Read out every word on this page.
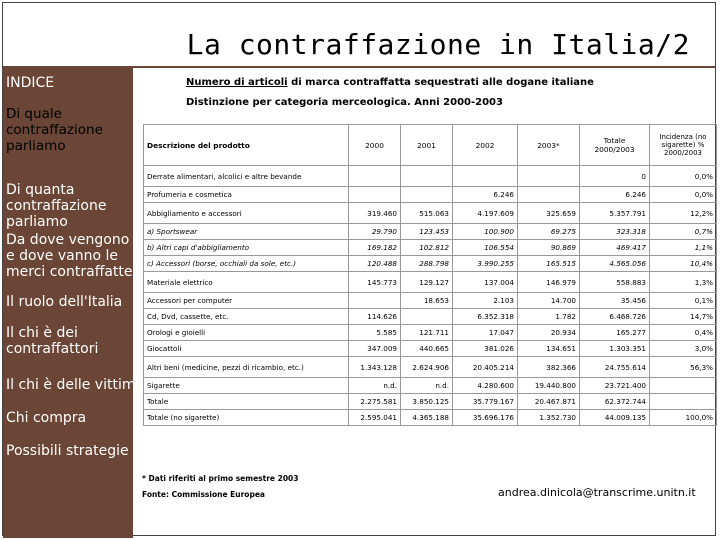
La contraffazione in Italia/2
INDICE
Di quale contraffazione parliamo
Di quanta contraffazione parliamo
Da dove vengono e dove vanno le merci contraffatte
Il ruolo dell'Italia
Il chi è dei contraffattori
Il chi è delle vittime
Chi compra
Possibili strategie
Numero di articoli di marca contraffatta sequestrati alle dogane italiane
Distinzione per categoria merceologica. Anni 2000-2003
Descrizione del prodotto	2000	2001	2002	2003*	Totale 2000/2003	Incidenza (no sigarette) % 2000/2003
Derrate alimentari, alcolici e altre bevande					0	0,0%
Profumeria e cosmetica			6.246		6.246	0,0%
Abbigliamento e accessori	319.460	515.063	4.197.609	325.659	5.357.791	12,2%
a) Sportswear	29.790	123.453	100.900	69.275	323.318	0,7%
b) Altri capi d'abbigliamento	169.182	102.812	106.554	90.869	469.417	1,1%
c) Accessori (borse, occhiali da sole, etc.)	120.488	288.798	3.990.255	165.515	4.565.056	10,4%
Materiale elettrico	145.773	129.127	137.004	146.979	558.883	1,3%
Accessori per computer		18.653	2.103	14.700	35.456	0,1%
Cd, Dvd, cassette, etc.	114.626		6.352.318	1.782	6.468.726	14,7%
Orologi e gioielli	5.585	121.711	17.047	20.934	165.277	0,4%
Giocattoli	347.009	440.665	381.026	134.651	1.303.351	3,0%
Altri beni (medicine, pezzi di ricambio, etc.)	1.343.128	2.624.906	20.405.214	382.366	24.755.614	56,3%
Sigarette	n.d.	n.d.	4.280.600	19.440.800	23.721.400	
Totale	2.275.581	3.850.125	35.779.167	20.467.871	62.372.744	
Totale (no sigarette)	2.595.041	4.365.188	35.696.176	1.352.730	44.009.135	100,0%
* Dati riferiti al primo semestre 2003
Fonte: Commissione Europea	andrea.dinicola@transcrime.unitn.it
